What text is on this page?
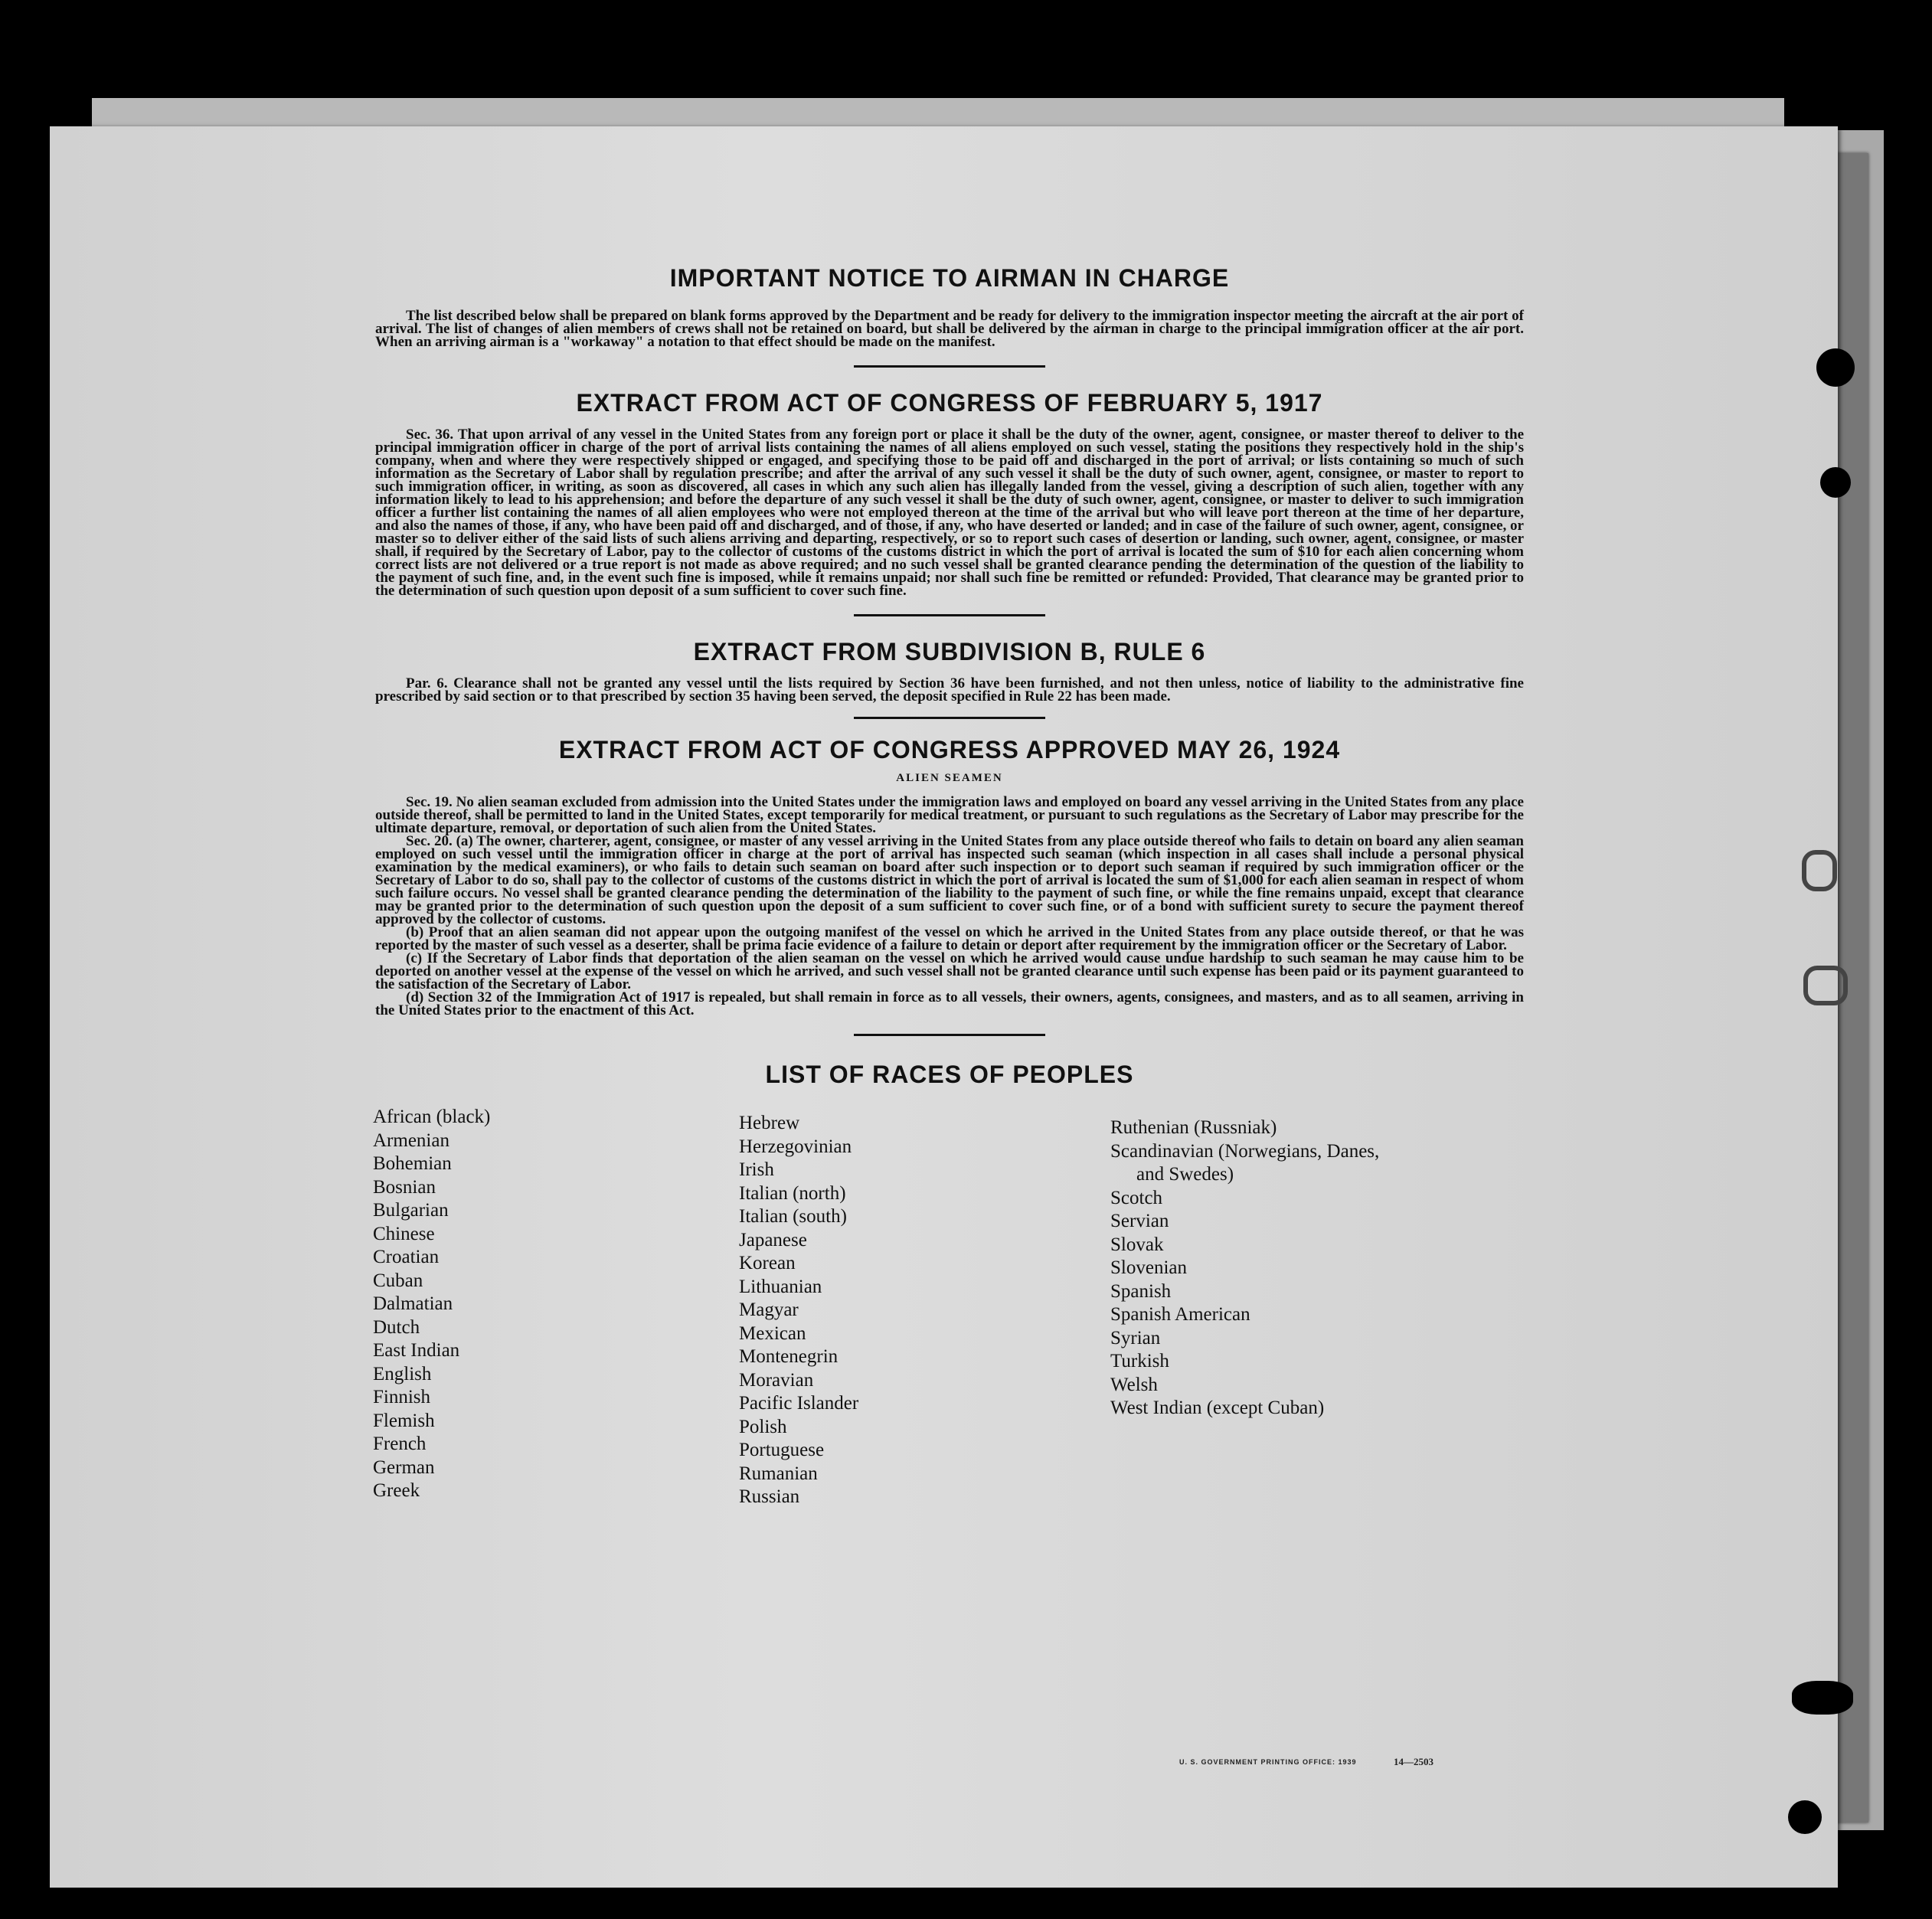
IMPORTANT NOTICE TO AIRMAN IN CHARGE

The list described below shall be prepared on blank forms approved by the Department and be ready for delivery to the immigration inspector meeting the aircraft at the air port of arrival. The list of changes of alien members of crews shall not be retained on board, but shall be delivered by the airman in charge to the principal immigration officer at the air port. When an arriving airman is a "workaway" a notation to that effect should be made on the manifest.

EXTRACT FROM ACT OF CONGRESS OF FEBRUARY 5, 1917

Sec. 36. That upon arrival of any vessel in the United States from any foreign port or place it shall be the duty of the owner, agent, consignee, or master thereof to deliver to the principal immigration officer in charge of the port of arrival lists containing the names of all aliens employed on such vessel, stating the positions they respectively hold in the ship's company, when and where they were respectively shipped or engaged, and specifying those to be paid off and discharged in the port of arrival; or lists containing so much of such information as the Secretary of Labor shall by regulation prescribe; and after the arrival of any such vessel it shall be the duty of such owner, agent, consignee, or master to report to such immigration officer, in writing, as soon as discovered, all cases in which any such alien has illegally landed from the vessel, giving a description of such alien, together with any information likely to lead to his apprehension; and before the departure of any such vessel it shall be the duty of such owner, agent, consignee, or master to deliver to such immigration officer a further list containing the names of all alien employees who were not employed thereon at the time of the arrival but who will leave port thereon at the time of her departure, and also the names of those, if any, who have been paid off and discharged, and of those, if any, who have deserted or landed; and in case of the failure of such owner, agent, consignee, or master so to deliver either of the said lists of such aliens arriving and departing, respectively, or so to report such cases of desertion or landing, such owner, agent, consignee, or master shall, if required by the Secretary of Labor, pay to the collector of customs of the customs district in which the port of arrival is located the sum of $10 for each alien concerning whom correct lists are not delivered or a true report is not made as above required; and no such vessel shall be granted clearance pending the determination of the question of the liability to the payment of such fine, and, in the event such fine is imposed, while it remains unpaid; nor shall such fine be remitted or refunded: Provided, That clearance may be granted prior to the determination of such question upon deposit of a sum sufficient to cover such fine.

EXTRACT FROM SUBDIVISION B, RULE 6

Par. 6. Clearance shall not be granted any vessel until the lists required by Section 36 have been furnished, and not then unless, notice of liability to the administrative fine prescribed by said section or to that prescribed by section 35 having been served, the deposit specified in Rule 22 has been made.

EXTRACT FROM ACT OF CONGRESS APPROVED MAY 26, 1924
ALIEN SEAMEN

Sec. 19. No alien seaman excluded from admission into the United States under the immigration laws and employed on board any vessel arriving in the United States from any place outside thereof, shall be permitted to land in the United States, except temporarily for medical treatment, or pursuant to such regulations as the Secretary of Labor may prescribe for the ultimate departure, removal, or deportation of such alien from the United States.

Sec. 20. (a) The owner, charterer, agent, consignee, or master of any vessel arriving in the United States from any place outside thereof who fails to detain on board any alien seaman employed on such vessel until the immigration officer in charge at the port of arrival has inspected such seaman (which inspection in all cases shall include a personal physical examination by the medical examiners), or who fails to detain such seaman on board after such inspection or to deport such seaman if required by such immigration officer or the Secretary of Labor to do so, shall pay to the collector of customs of the customs district in which the port of arrival is located the sum of $1,000 for each alien seaman in respect of whom such failure occurs. No vessel shall be granted clearance pending the determination of the liability to the payment of such fine, or while the fine remains unpaid, except that clearance may be granted prior to the determination of such question upon the deposit of a sum sufficient to cover such fine, or of a bond with sufficient surety to secure the payment thereof approved by the collector of customs.

(b) Proof that an alien seaman did not appear upon the outgoing manifest of the vessel on which he arrived in the United States from any place outside thereof, or that he was reported by the master of such vessel as a deserter, shall be prima facie evidence of a failure to detain or deport after requirement by the immigration officer or the Secretary of Labor.

(c) If the Secretary of Labor finds that deportation of the alien seaman on the vessel on which he arrived would cause undue hardship to such seaman he may cause him to be deported on another vessel at the expense of the vessel on which he arrived, and such vessel shall not be granted clearance until such expense has been paid or its payment guaranteed to the satisfaction of the Secretary of Labor.

(d) Section 32 of the Immigration Act of 1917 is repealed, but shall remain in force as to all vessels, their owners, agents, consignees, and masters, and as to all seamen, arriving in the United States prior to the enactment of this Act.

LIST OF RACES OF PEOPLES
African (black)
Armenian
Bohemian
Bosnian
Bulgarian
Chinese
Croatian
Cuban
Dalmatian
Dutch
East Indian
English
Finnish
Flemish
French
German
Greek
Hebrew
Herzegovinian
Irish
Italian (north)
Italian (south)
Japanese
Korean
Lithuanian
Magyar
Mexican
Montenegrin
Moravian
Pacific Islander
Polish
Portuguese
Rumanian
Russian
Ruthenian (Russniak)
Scandinavian (Norwegians, Danes,
and Swedes)
Scotch
Servian
Slovak
Slovenian
Spanish
Spanish American
Syrian
Turkish
Welsh
West Indian (except Cuban)
U. S. GOVERNMENT PRINTING OFFICE: 1939	14—2503
